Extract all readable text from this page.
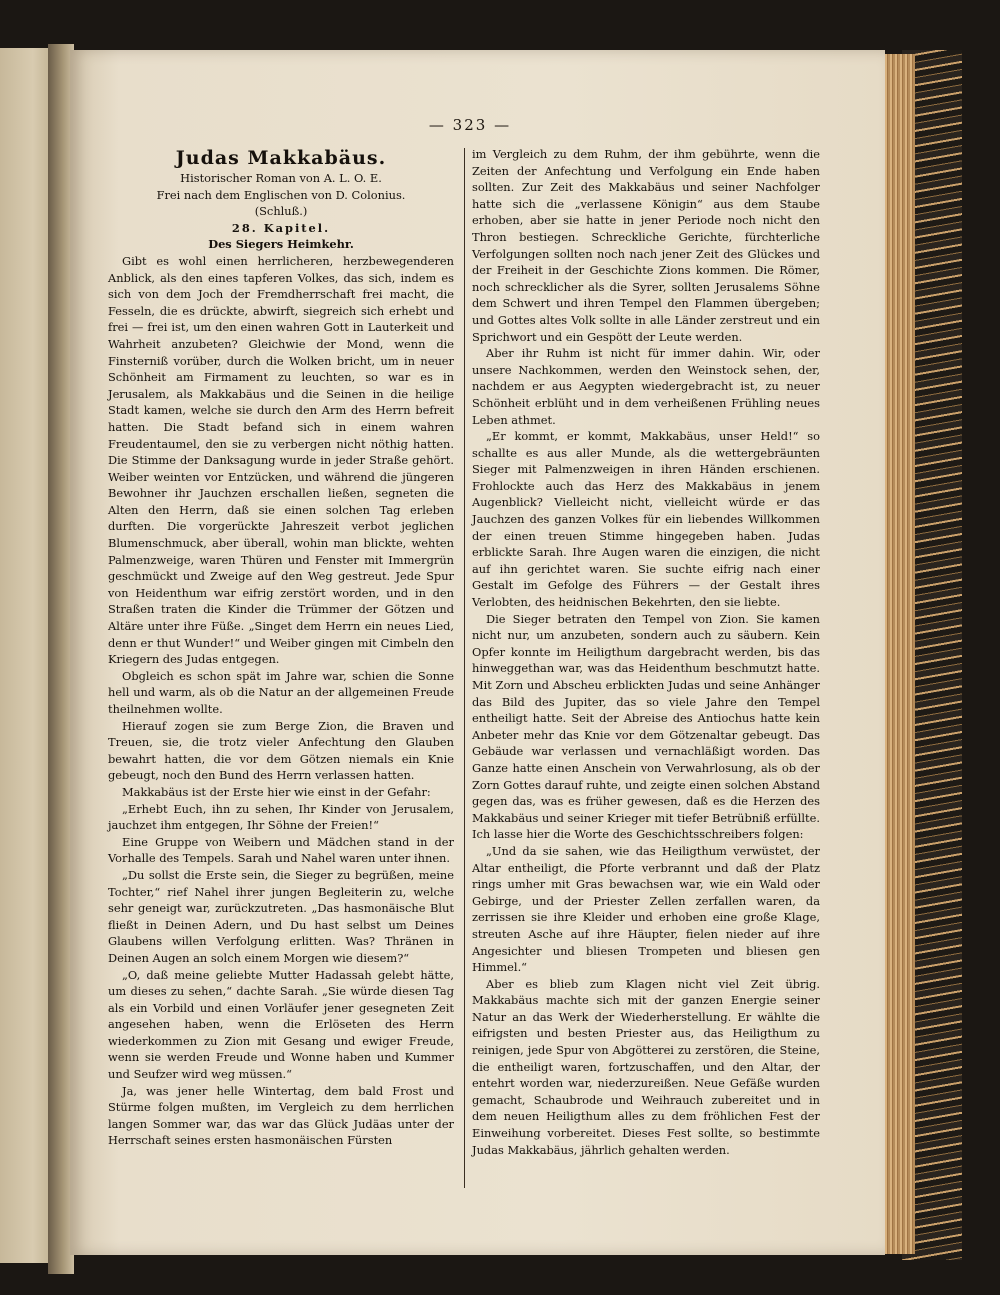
— 323 —

Judas Makkabäus.

Historischer Roman von A. L. O. E.

Frei nach dem Englischen von D. Colonius.

(Schluß.)

28. Kapitel.

Des Siegers Heimkehr.

Gibt es wohl einen herrlicheren, herzbewegenderen Anblick, als den eines tapferen Volkes, das sich, indem es sich von dem Joch der Fremdherrschaft frei macht, die Fesseln, die es drückte, abwirft, siegreich sich erhebt und frei — frei ist, um den einen wahren Gott in Lauterkeit und Wahrheit anzubeten? Gleichwie der Mond, wenn die Finsterniß vorüber, durch die Wolken bricht, um in neuer Schönheit am Firmament zu leuchten, so war es in Jerusalem, als Makkabäus und die Seinen in die heilige Stadt kamen, welche sie durch den Arm des Herrn befreit hatten. Die Stadt befand sich in einem wahren Freudentaumel, den sie zu verbergen nicht nöthig hatten. Die Stimme der Danksagung wurde in jeder Straße gehört. Weiber weinten vor Entzücken, und während die jüngeren Bewohner ihr Jauchzen erschallen ließen, segneten die Alten den Herrn, daß sie einen solchen Tag erleben durften. Die vorgerückte Jahreszeit verbot jeglichen Blumenschmuck, aber überall, wohin man blickte, wehten Palmenzweige, waren Thüren und Fenster mit Immergrün geschmückt und Zweige auf den Weg gestreut. Jede Spur von Heidenthum war eifrig zerstört worden, und in den Straßen traten die Kinder die Trümmer der Götzen und Altäre unter ihre Füße. „Singet dem Herrn ein neues Lied, denn er thut Wunder!“ und Weiber gingen mit Cimbeln den Kriegern des Judas entgegen.

Obgleich es schon spät im Jahre war, schien die Sonne hell und warm, als ob die Natur an der allgemeinen Freude theilnehmen wollte.

Hierauf zogen sie zum Berge Zion, die Braven und Treuen, sie, die trotz vieler Anfechtung den Glauben bewahrt hatten, die vor dem Götzen niemals ein Knie gebeugt, noch den Bund des Herrn verlassen hatten.

Makkabäus ist der Erste hier wie einst in der Gefahr:

„Erhebt Euch, ihn zu sehen, Ihr Kinder von Jerusalem, jauchzet ihm entgegen, Ihr Söhne der Freien!“

Eine Gruppe von Weibern und Mädchen stand in der Vorhalle des Tempels. Sarah und Nahel waren unter ihnen.

„Du sollst die Erste sein, die Sieger zu begrüßen, meine Tochter,“ rief Nahel ihrer jungen Begleiterin zu, welche sehr geneigt war, zurückzutreten. „Das hasmonäische Blut fließt in Deinen Adern, und Du hast selbst um Deines Glaubens willen Verfolgung erlitten. Was? Thränen in Deinen Augen an solch einem Morgen wie diesem?“

„O, daß meine geliebte Mutter Hadassah gelebt hätte, um dieses zu sehen,“ dachte Sarah. „Sie würde diesen Tag als ein Vorbild und einen Vorläufer jener gesegneten Zeit angesehen haben, wenn die Erlöseten des Herrn wiederkommen zu Zion mit Gesang und ewiger Freude, wenn sie werden Freude und Wonne haben und Kummer und Seufzer wird weg müssen.“

Ja, was jener helle Wintertag, dem bald Frost und Stürme folgen mußten, im Vergleich zu dem herrlichen langen Sommer war, das war das Glück Judäas unter der Herrschaft seines ersten hasmonäischen Fürsten

im Vergleich zu dem Ruhm, der ihm gebührte, wenn die Zeiten der Anfechtung und Verfolgung ein Ende haben sollten. Zur Zeit des Makkabäus und seiner Nachfolger hatte sich die „verlassene Königin“ aus dem Staube erhoben, aber sie hatte in jener Periode noch nicht den Thron bestiegen. Schreckliche Gerichte, fürchterliche Verfolgungen sollten noch nach jener Zeit des Glückes und der Freiheit in der Geschichte Zions kommen. Die Römer, noch schrecklicher als die Syrer, sollten Jerusalems Söhne dem Schwert und ihren Tempel den Flammen übergeben; und Gottes altes Volk sollte in alle Länder zerstreut und ein Sprichwort und ein Gespött der Leute werden.

Aber ihr Ruhm ist nicht für immer dahin. Wir, oder unsere Nachkommen, werden den Weinstock sehen, der, nachdem er aus Aegypten wiedergebracht ist, zu neuer Schönheit erblüht und in dem verheißenen Frühling neues Leben athmet.

„Er kommt, er kommt, Makkabäus, unser Held!“ so schallte es aus aller Munde, als die wettergebräunten Sieger mit Palmenzweigen in ihren Händen erschienen. Frohlockte auch das Herz des Makkabäus in jenem Augenblick? Vielleicht nicht, vielleicht würde er das Jauchzen des ganzen Volkes für ein liebendes Willkommen der einen treuen Stimme hingegeben haben. Judas erblickte Sarah. Ihre Augen waren die einzigen, die nicht auf ihn gerichtet waren. Sie suchte eifrig nach einer Gestalt im Gefolge des Führers — der Gestalt ihres Verlobten, des heidnischen Bekehrten, den sie liebte.

Die Sieger betraten den Tempel von Zion. Sie kamen nicht nur, um anzubeten, sondern auch zu säubern. Kein Opfer konnte im Heiligthum dargebracht werden, bis das hinweggethan war, was das Heidenthum beschmutzt hatte. Mit Zorn und Abscheu erblickten Judas und seine Anhänger das Bild des Jupiter, das so viele Jahre den Tempel entheiligt hatte. Seit der Abreise des Antiochus hatte kein Anbeter mehr das Knie vor dem Götzenaltar gebeugt. Das Gebäude war verlassen und vernachläßigt worden. Das Ganze hatte einen Anschein von Verwahrlosung, als ob der Zorn Gottes darauf ruhte, und zeigte einen solchen Abstand gegen das, was es früher gewesen, daß es die Herzen des Makkabäus und seiner Krieger mit tiefer Betrübniß erfüllte. Ich lasse hier die Worte des Geschichtsschreibers folgen:

„Und da sie sahen, wie das Heiligthum verwüstet, der Altar entheiligt, die Pforte verbrannt und daß der Platz rings umher mit Gras bewachsen war, wie ein Wald oder Gebirge, und der Priester Zellen zerfallen waren, da zerrissen sie ihre Kleider und erhoben eine große Klage, streuten Asche auf ihre Häupter, fielen nieder auf ihre Angesichter und bliesen Trompeten und bliesen gen Himmel.“

Aber es blieb zum Klagen nicht viel Zeit übrig. Makkabäus machte sich mit der ganzen Energie seiner Natur an das Werk der Wiederherstellung. Er wählte die eifrigsten und besten Priester aus, das Heiligthum zu reinigen, jede Spur von Abgötterei zu zerstören, die Steine, die entheiligt waren, fortzuschaffen, und den Altar, der entehrt worden war, niederzureißen. Neue Gefäße wurden gemacht, Schaubrode und Weihrauch zubereitet und in dem neuen Heiligthum alles zu dem fröhlichen Fest der Einweihung vorbereitet. Dieses Fest sollte, so bestimmte Judas Makkabäus, jährlich gehalten werden.
